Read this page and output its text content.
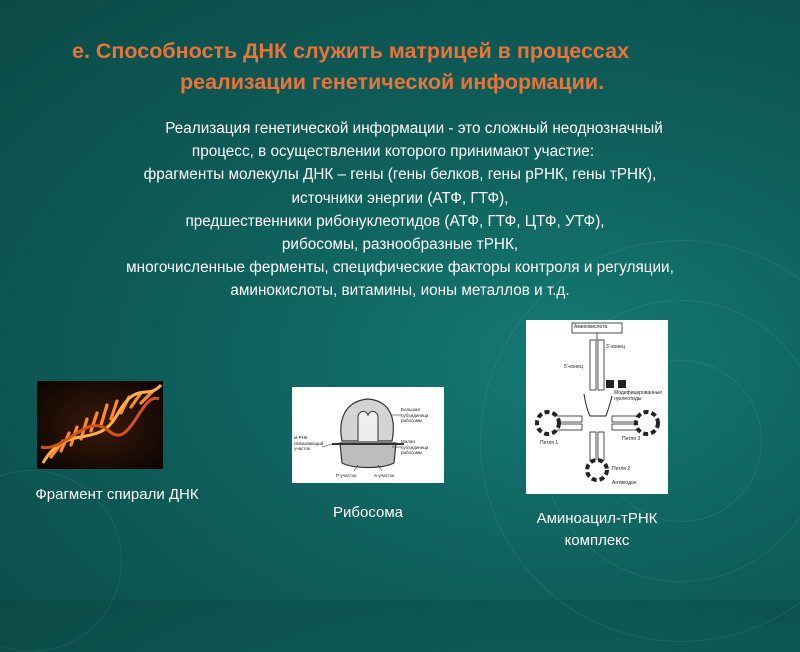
е. Способность ДНК служить матрицей в процессах
реализации генетической информации.
Реализация генетической информации - это сложный неоднозначный
процесс, в осуществлении которого принимают участие:
фрагменты молекулы ДНК – гены (гены белков, гены рРНК, гены тРНК),
источники энергии (АТФ, ГТФ),
предшественники рибонуклеотидов (АТФ, ГТФ, ЦТФ, УТФ),
рибосомы, разнообразные тРНК,
многочисленные ферменты, специфические факторы контроля и регуляции,
аминокислоты, витамины, ионы металлов и т.д.
Фрагмент спирали ДНК
Большая субъединица рибосомы
Малая субъединица рибосомы
м-РНК связывающий участок
Р-участок	А-участок
Рибосома
Аминокислота
3'-конец
5'-конец
Модифицированные нуклеотиды
Петля 1
Петля 3
Петля 2
Антикодон
Аминоацил-тРНК
комплекс
